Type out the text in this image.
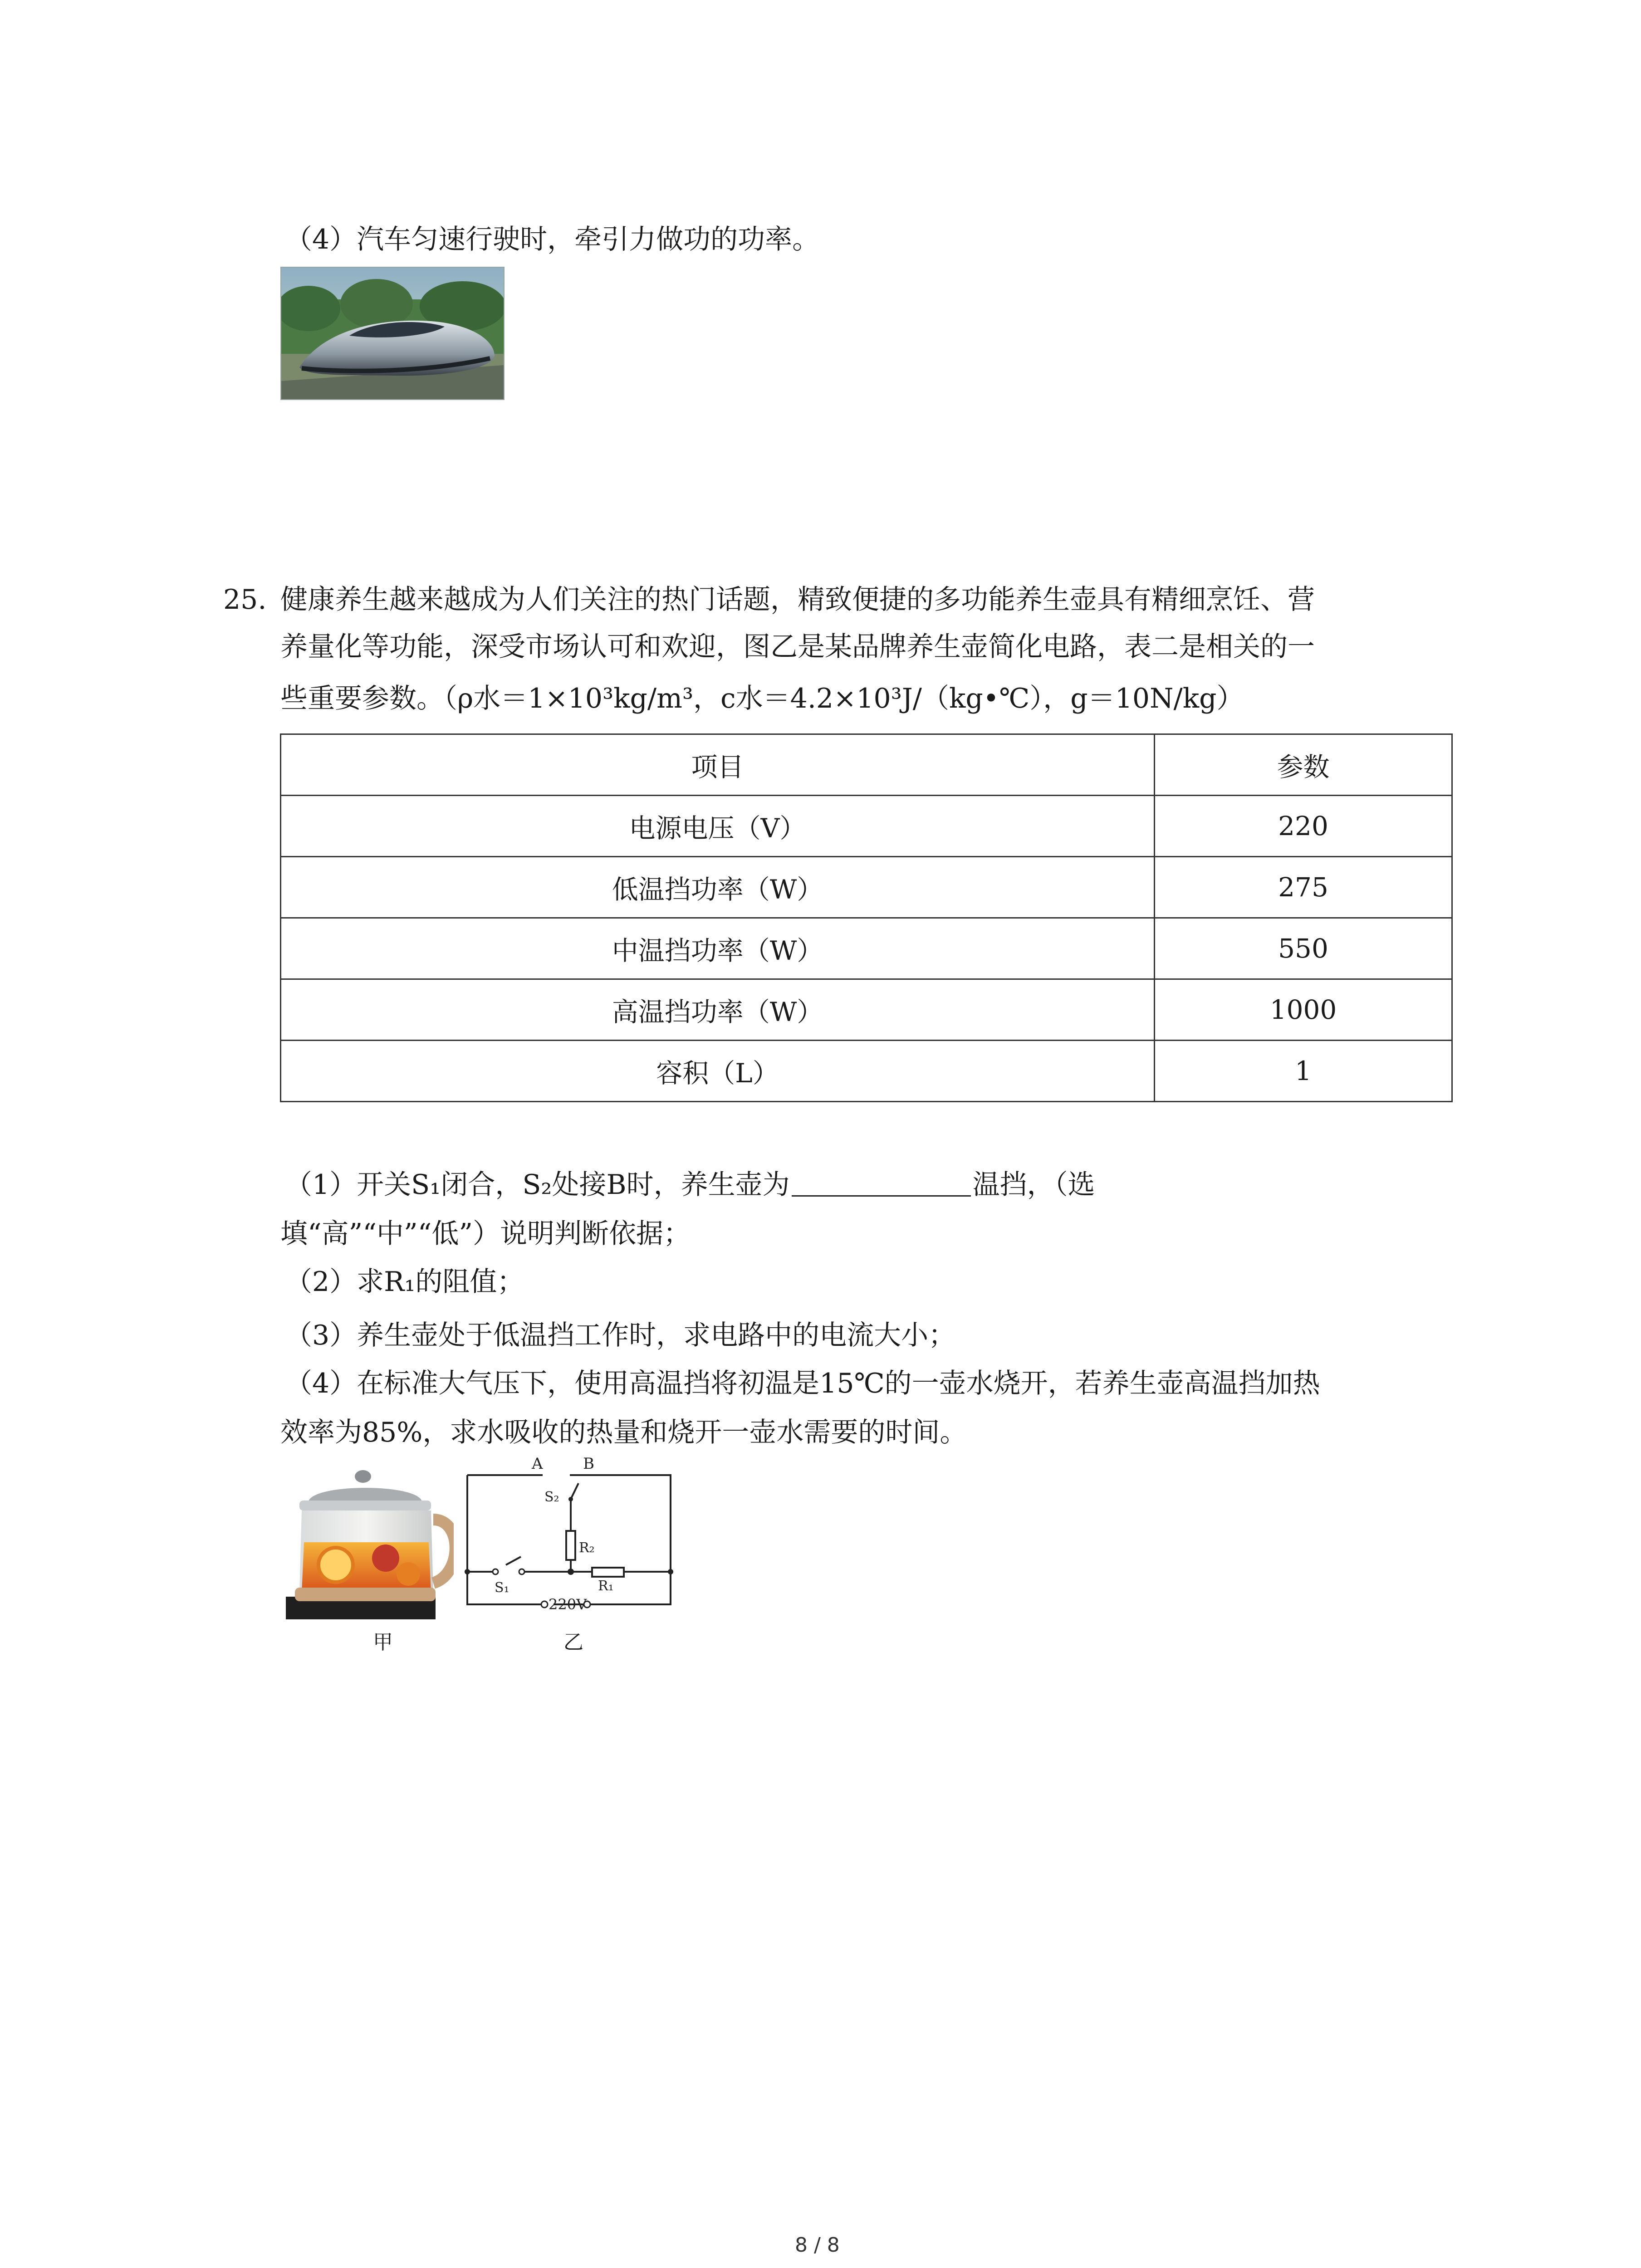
（4）汽车匀速行驶时，牵引力做功的功率。
25. 健康养生越来越成为人们关注的热门话题，精致便捷的多功能养生壶具有精细烹饪、营
养量化等功能，深受市场认可和欢迎，图乙是某品牌养生壶简化电路，表二是相关的一
些重要参数。（ρ水＝1×10³kg/m³，c水＝4.2×10³J/（kg•℃），g＝10N/kg）
项目	参数
电源电压（V）	220
低温挡功率（W）	275
中温挡功率（W）	550
高温挡功率（W）	1000
容积（L）	1
（1）开关S₁闭合，S₂处接B时，养生壶为	温挡，（选
填“高”“中”“低”）说明判断依据；
（2）求R₁的阻值；
（3）养生壶处于低温挡工作时，求电路中的电流大小；
（4）在标准大气压下，使用高温挡将初温是15℃的一壶水烧开，若养生壶高温挡加热
效率为85%，求水吸收的热量和烧开一壶水需要的时间。
甲
A	B
S₂
R₂
S₁	R₁
220V
乙
8 / 8
